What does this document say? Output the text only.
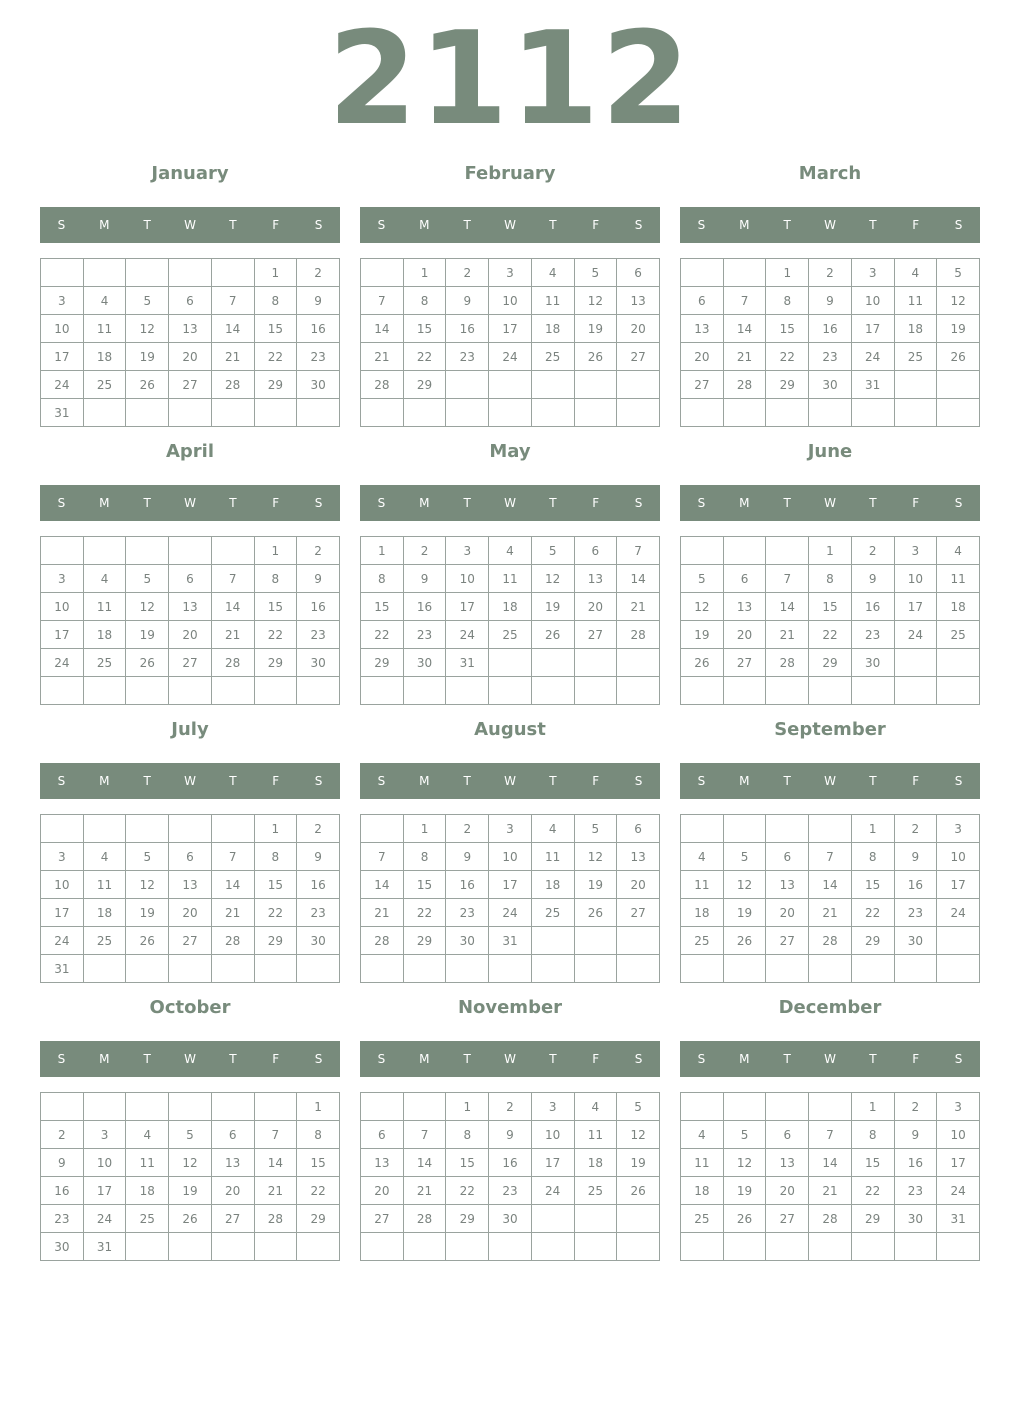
2112
January
S	M	T	W	T	F	S
					1	2
3	4	5	6	7	8	9
10	11	12	13	14	15	16
17	18	19	20	21	22	23
24	25	26	27	28	29	30
31						
February
S	M	T	W	T	F	S
	1	2	3	4	5	6
7	8	9	10	11	12	13
14	15	16	17	18	19	20
21	22	23	24	25	26	27
28	29					

March
S	M	T	W	T	F	S
		1	2	3	4	5
6	7	8	9	10	11	12
13	14	15	16	17	18	19
20	21	22	23	24	25	26
27	28	29	30	31		

April
S	M	T	W	T	F	S
					1	2
3	4	5	6	7	8	9
10	11	12	13	14	15	16
17	18	19	20	21	22	23
24	25	26	27	28	29	30

May
S	M	T	W	T	F	S
1	2	3	4	5	6	7
8	9	10	11	12	13	14
15	16	17	18	19	20	21
22	23	24	25	26	27	28
29	30	31				

June
S	M	T	W	T	F	S
			1	2	3	4
5	6	7	8	9	10	11
12	13	14	15	16	17	18
19	20	21	22	23	24	25
26	27	28	29	30		

July
S	M	T	W	T	F	S
					1	2
3	4	5	6	7	8	9
10	11	12	13	14	15	16
17	18	19	20	21	22	23
24	25	26	27	28	29	30
31						
August
S	M	T	W	T	F	S
	1	2	3	4	5	6
7	8	9	10	11	12	13
14	15	16	17	18	19	20
21	22	23	24	25	26	27
28	29	30	31			

September
S	M	T	W	T	F	S
				1	2	3
4	5	6	7	8	9	10
11	12	13	14	15	16	17
18	19	20	21	22	23	24
25	26	27	28	29	30	

October
S	M	T	W	T	F	S
						1
2	3	4	5	6	7	8
9	10	11	12	13	14	15
16	17	18	19	20	21	22
23	24	25	26	27	28	29
30	31					
November
S	M	T	W	T	F	S
		1	2	3	4	5
6	7	8	9	10	11	12
13	14	15	16	17	18	19
20	21	22	23	24	25	26
27	28	29	30			

December
S	M	T	W	T	F	S
				1	2	3
4	5	6	7	8	9	10
11	12	13	14	15	16	17
18	19	20	21	22	23	24
25	26	27	28	29	30	31
